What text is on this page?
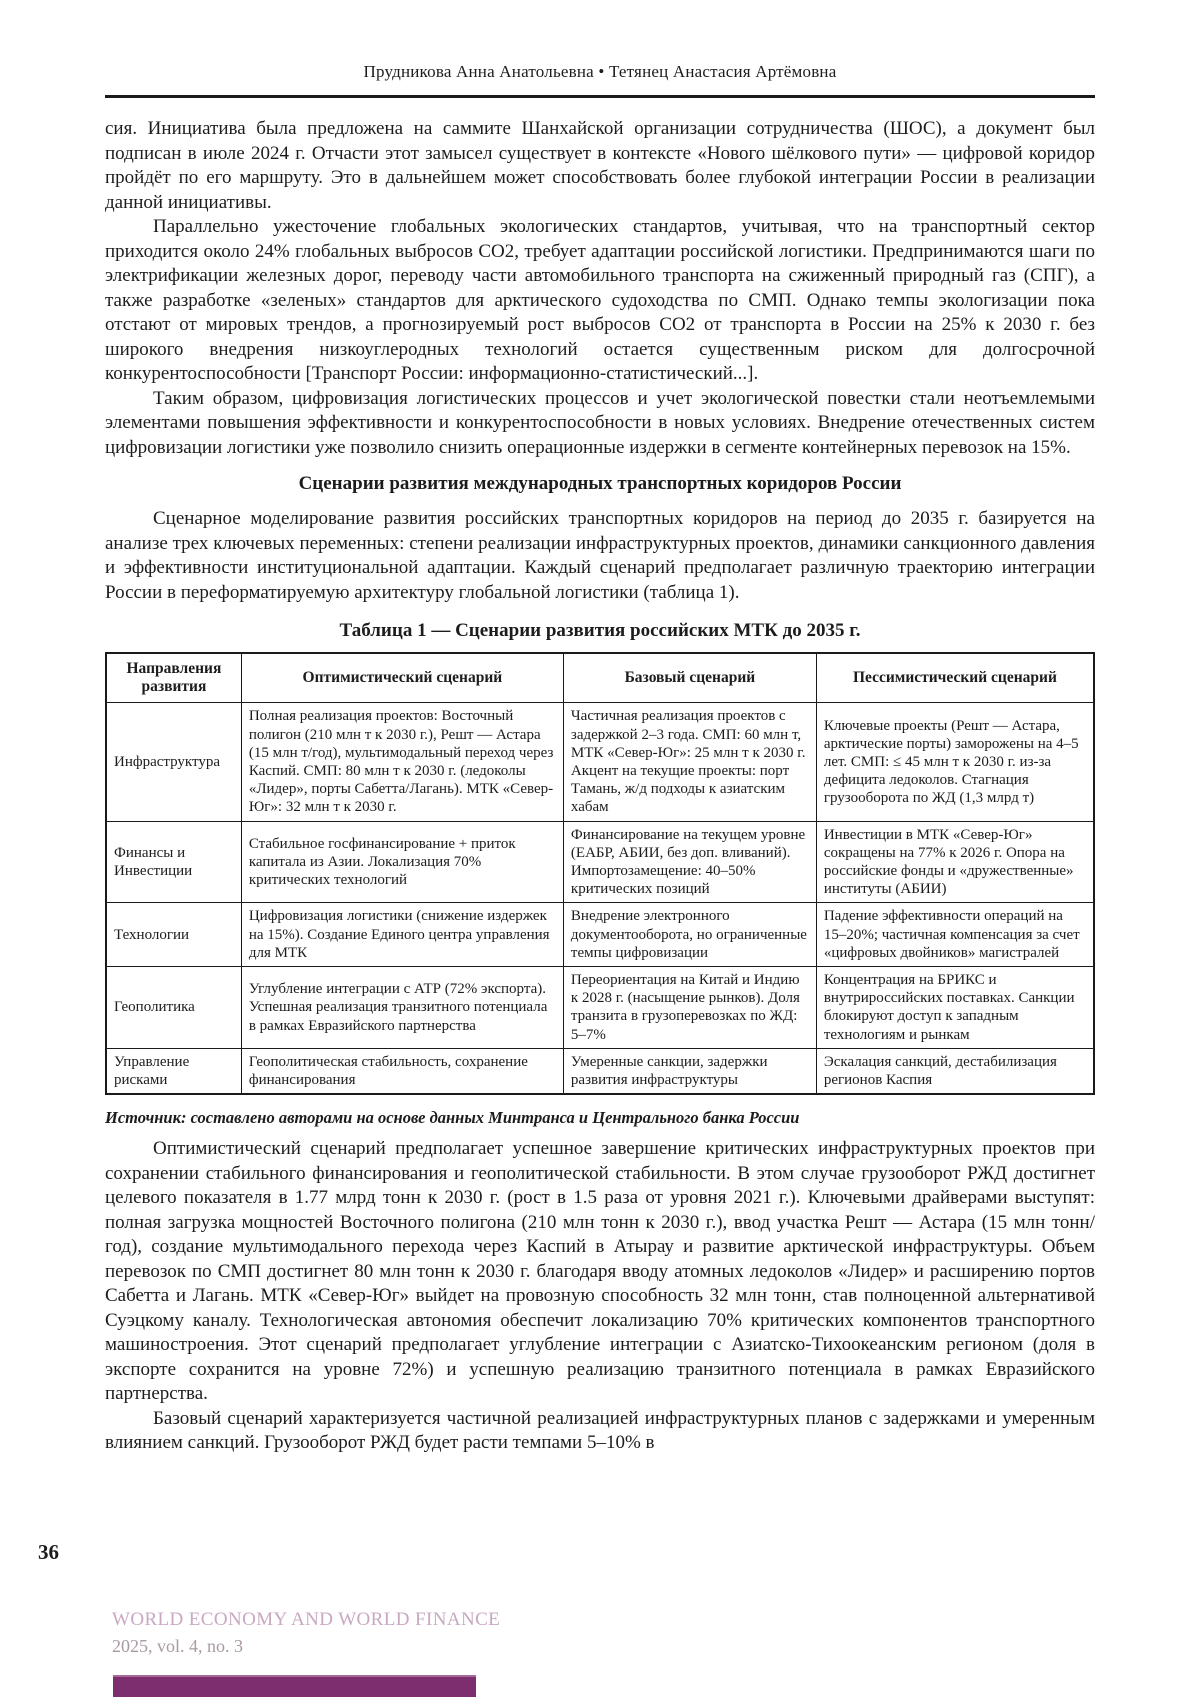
Прудникова Анна Анатольевна • Тетянец Анастасия Артёмовна

сия. Инициатива была предложена на саммите Шанхайской организации сотрудничества (ШОС), а документ был подписан в июле 2024 г. Отчасти этот замысел существует в контексте «Нового шёлкового пути» — цифровой коридор пройдёт по его маршруту. Это в дальнейшем может способствовать более глубокой интеграции России в реализации данной инициативы.

Параллельно ужесточение глобальных экологических стандартов, учитывая, что на транспортный сектор приходится около 24% глобальных выбросов СО2, требует адаптации российской логистики. Предпринимаются шаги по электрификации железных дорог, переводу части автомобильного транспорта на сжиженный природный газ (СПГ), а также разработке «зеленых» стандартов для арктического судоходства по СМП. Однако темпы экологизации пока отстают от мировых трендов, а прогнозируемый рост выбросов СО2 от транспорта в России на 25% к 2030 г. без широкого внедрения низкоуглеродных технологий остается существенным риском для долгосрочной конкурентоспособности [Транспорт России: информационно-статистический...].

Таким образом, цифровизация логистических процессов и учет экологической повестки стали неотъемлемыми элементами повышения эффективности и конкурентоспособности в новых условиях. Внедрение отечественных систем цифровизации логистики уже позволило снизить операционные издержки в сегменте контейнерных перевозок на 15%.

Сценарии развития международных транспортных коридоров России

Сценарное моделирование развития российских транспортных коридоров на период до 2035 г. базируется на анализе трех ключевых переменных: степени реализации инфраструктурных проектов, динамики санкционного давления и эффективности институциональной адаптации. Каждый сценарий предполагает различную траекторию интеграции России в переформатируемую архитектуру глобальной логистики (таблица 1).

Таблица 1 — Сценарии развития российских МТК до 2035 г.
Направления развития	Оптимистический сценарий	Базовый сценарий	Пессимистический сценарий
Инфраструктура	Полная реализация проектов: Восточный полигон (210 млн т к 2030 г.), Решт — Астара (15 млн т/год), мультимодальный переход через Каспий. СМП: 80 млн т к 2030 г. (ледоколы «Лидер», порты Сабетта/Лагань). МТК «Север-Юг»: 32 млн т к 2030 г.	Частичная реализация проектов с задержкой 2–3 года. СМП: 60 млн т, МТК «Север-Юг»: 25 млн т к 2030 г. Акцент на текущие проекты: порт Тамань, ж/д подходы к азиатским хабам	Ключевые проекты (Решт — Астара, арктические порты) заморожены на 4–5 лет. СМП: ≤ 45 млн т к 2030 г. из-за дефицита ледоколов. Стагнация грузооборота по ЖД (1,3 млрд т)
Финансы и Инвестиции	Стабильное госфинансирование + приток капитала из Азии. Локализация 70% критических технологий	Финансирование на текущем уровне (ЕАБР, АБИИ, без доп. вливаний). Импортозамещение: 40–50% критических позиций	Инвестиции в МТК «Север-Юг» сокращены на 77% к 2026 г. Опора на российские фонды и «дружественные» институты (АБИИ)
Технологии	Цифровизация логистики (снижение издержек на 15%). Создание Единого центра управления для МТК	Внедрение электронного документооборота, но ограниченные темпы цифровизации	Падение эффективности операций на 15–20%; частичная компенсация за счет «цифровых двойников» магистралей
Геополитика	Углубление интеграции с АТР (72% экспорта). Успешная реализация транзитного потенциала в рамках Евразийского партнерства	Переориентация на Китай и Индию к 2028 г. (насыщение рынков). Доля транзита в грузоперевозках по ЖД: 5–7%	Концентрация на БРИКС и внутрироссийских поставках. Санкции блокируют доступ к западным технологиям и рынкам
Управление рисками	Геополитическая стабильность, сохранение финансирования	Умеренные санкции, задержки развития инфраструктуры	Эскалация санкций, дестабилизация регионов Каспия
Источник: составлено авторами на основе данных Минтранса и Центрального банка России

Оптимистический сценарий предполагает успешное завершение критических инфраструктурных проектов при сохранении стабильного финансирования и геополитической стабильности. В этом случае грузооборот РЖД достигнет целевого показателя в 1.77 млрд тонн к 2030 г. (рост в 1.5 раза от уровня 2021 г.). Ключевыми драйверами выступят: полная загрузка мощностей Восточного полигона (210 млн тонн к 2030 г.), ввод участка Решт — Астара (15 млн тонн/год), создание мультимодального перехода через Каспий в Атырау и развитие арктической инфраструктуры. Объем перевозок по СМП достигнет 80 млн тонн к 2030 г. благодаря вводу атомных ледоколов «Лидер» и расширению портов Сабетта и Лагань. МТК «Север-Юг» выйдет на провозную способность 32 млн тонн, став полноценной альтернативой Суэцкому каналу. Технологическая автономия обеспечит локализацию 70% критических компонентов транспортного машиностроения. Этот сценарий предполагает углубление интеграции с Азиатско-Тихоокеанским регионом (доля в экспорте сохранится на уровне 72%) и успешную реализацию транзитного потенциала в рамках Евразийского партнерства.

Базовый сценарий характеризуется частичной реализацией инфраструктурных планов с задержками и умеренным влиянием санкций. Грузооборот РЖД будет расти темпами 5–10% в

36
WORLD ECONOMY AND WORLD FINANCE
2025, vol. 4, no. 3
